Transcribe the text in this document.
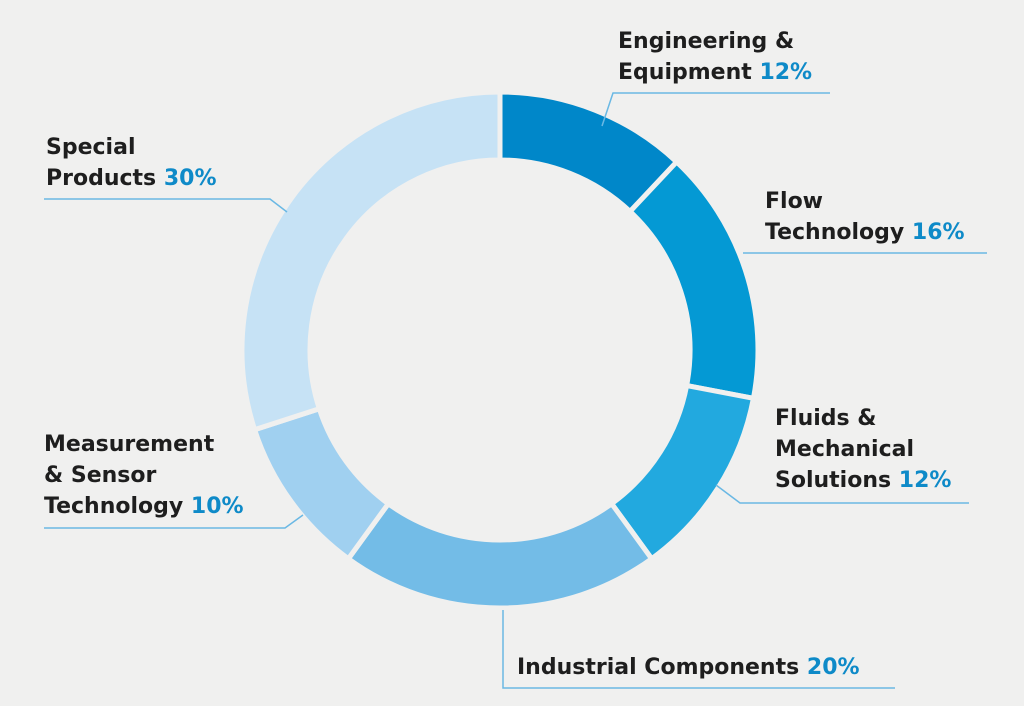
Engineering &
Equipment 12%
Flow
Technology 16%
Fluids &
Mechanical
Solutions 12%
Industrial Components 20%
Measurement
& Sensor
Technology 10%
Special
Products 30%
